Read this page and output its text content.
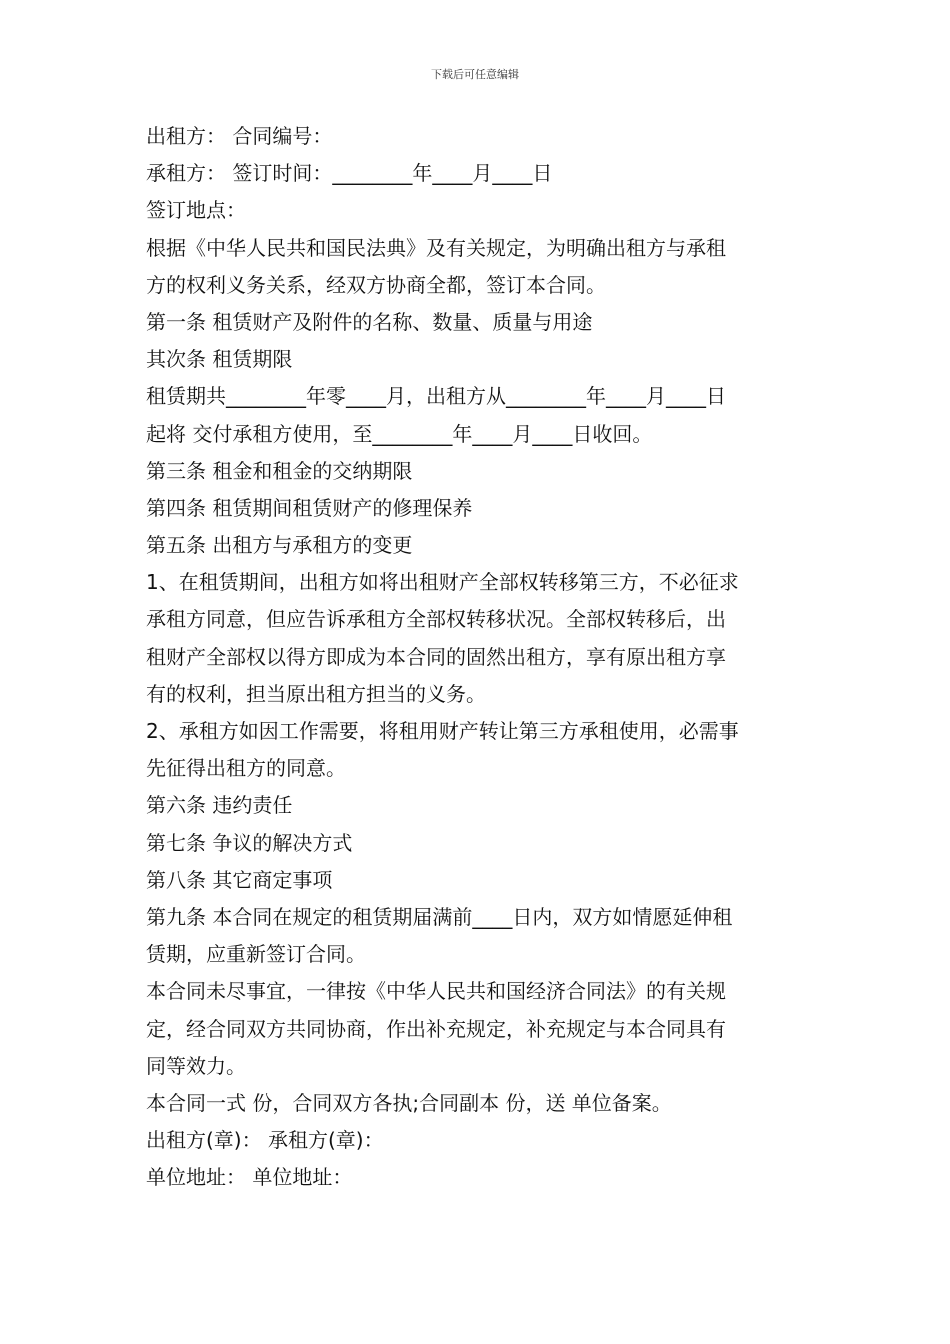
下载后可任意编辑
出租方： 合同编号：
承租方： 签订时间：________年____月____日
签订地点：
根据《中华人民共和国民法典》及有关规定，为明确出租方与承租
方的权利义务关系，经双方协商全都，签订本合同。
第一条 租赁财产及附件的名称、数量、质量与用途
其次条 租赁期限
租赁期共________年零____月，出租方从________年____月____日
起将 交付承租方使用，至________年____月____日收回。
第三条 租金和租金的交纳期限
第四条 租赁期间租赁财产的修理保养
第五条 出租方与承租方的变更
1、在租赁期间，出租方如将出租财产全部权转移第三方，不必征求
承租方同意，但应告诉承租方全部权转移状况。全部权转移后，出
租财产全部权以得方即成为本合同的固然出租方，享有原出租方享
有的权利，担当原出租方担当的义务。
2、承租方如因工作需要，将租用财产转让第三方承租使用，必需事
先征得出租方的同意。
第六条 违约责任
第七条 争议的解决方式
第八条 其它商定事项
第九条 本合同在规定的租赁期届满前____日内，双方如情愿延伸租
赁期，应重新签订合同。
本合同未尽事宜，一律按《中华人民共和国经济合同法》的有关规
定，经合同双方共同协商，作出补充规定，补充规定与本合同具有
同等效力。
本合同一式 份，合同双方各执;合同副本 份，送 单位备案。
出租方(章)： 承租方(章)：
单位地址： 单位地址：
